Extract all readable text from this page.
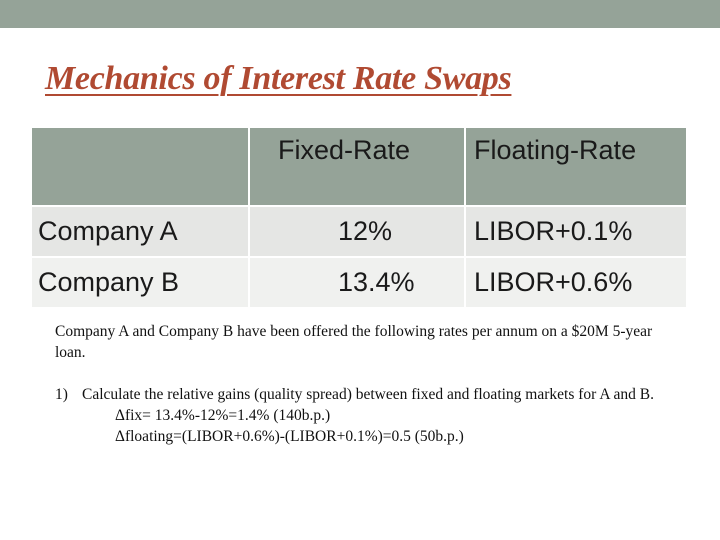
Mechanics of Interest Rate Swaps

	Fixed-Rate	Floating-Rate

Company A	12%	LIBOR+0.1%
Company B	13.4%	LIBOR+0.6%

Company A and Company B have been offered the following rates per annum on a $20M 5-year loan.

1) Calculate the relative gains (quality spread) between fixed and floating markets for A and B.
Δfix= 13.4%-12%=1.4% (140b.p.)
Δfloating=(LIBOR+0.6%)-(LIBOR+0.1%)=0.5 (50b.p.)
